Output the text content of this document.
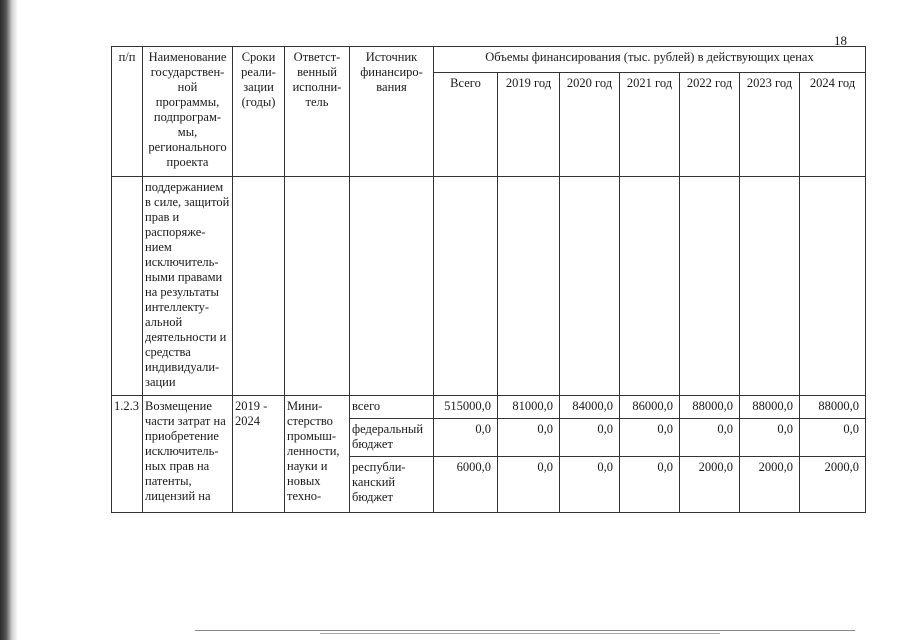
18
п/п	Наименование государствен-ной программы, подпрограм-мы, регионального проекта	Сроки реали-зации (годы)	Ответст-венный исполни-тель	Источник финансиро-вания	Объемы финансирования (тыс. рублей) в действующих ценах						
					Всего	2019 год	2020 год	2021 год	2022 год	2023 год	2024 год
	поддержанием в силе, защитой прав и распоряже-нием исключитель-ными правами на результаты интеллекту-альной деятельности и средства индивидуали-зации										
1.2.3	Возмещение части затрат на приобретение исключитель-ных прав на патенты, лицензий на	2019 - 2024	Мини-стерство промыш-ленности, науки и новых техно-	всего	515000,0	81000,0	84000,0	86000,0	88000,0	88000,0	88000,0
				федеральный бюджет	0,0	0,0	0,0	0,0	0,0	0,0	0,0
				республи-канский бюджет	6000,0	0,0	0,0	0,0	2000,0	2000,0	2000,0
